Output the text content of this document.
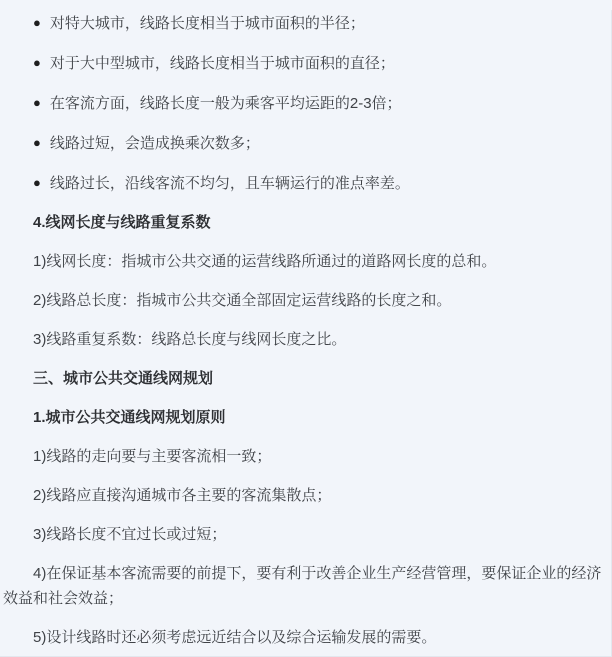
● 对特大城市，线路长度相当于城市面积的半径；

● 对于大中型城市，线路长度相当于城市面积的直径；

● 在客流方面，线路长度一般为乘客平均运距的2-3倍；

● 线路过短，会造成换乘次数多；

● 线路过长，沿线客流不均匀，且车辆运行的准点率差。

4.线网长度与线路重复系数

1)线网长度：指城市公共交通的运营线路所通过的道路网长度的总和。

2)线路总长度：指城市公共交通全部固定运营线路的长度之和。

3)线路重复系数：线路总长度与线网长度之比。

三、城市公共交通线网规划

1.城市公共交通线网规划原则

1)线路的走向要与主要客流相一致；

2)线路应直接沟通城市各主要的客流集散点；

3)线路长度不宜过长或过短；

4)在保证基本客流需要的前提下，要有利于改善企业生产经营管理，要保证企业的经济效益和社会效益；

5)设计线路时还必须考虑远近结合以及综合运输发展的需要。
